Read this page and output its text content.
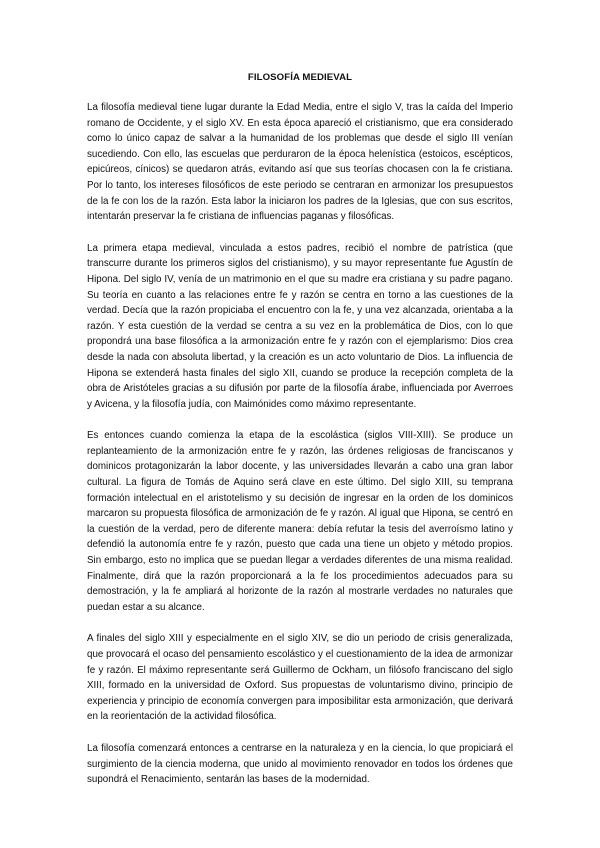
FILOSOFÍA MEDIEVAL

La filosofía medieval tiene lugar durante la Edad Media, entre el siglo V, tras la caída del Imperio romano de Occidente, y el siglo XV. En esta época apareció el cristianismo, que era considerado como lo único capaz de salvar a la humanidad de los problemas que desde el siglo III venían sucediendo. Con ello, las escuelas que perduraron de la época helenística (estoicos, escépticos, epicúreos, cínicos) se quedaron atrás, evitando así que sus teorías chocasen con la fe cristiana. Por lo tanto, los intereses filosóficos de este periodo se centraran en armonizar los presupuestos de la fe con los de la razón. Esta labor la iniciaron los padres de la Iglesias, que con sus escritos, intentarán preservar la fe cristiana de influencias paganas y filosóficas.

La primera etapa medieval, vinculada a estos padres, recibió el nombre de patrística (que transcurre durante los primeros siglos del cristianismo), y su mayor representante fue Agustín de Hipona. Del siglo IV, venía de un matrimonio en el que su madre era cristiana y su padre pagano. Su teoría en cuanto a las relaciones entre fe y razón se centra en torno a las cuestiones de la verdad. Decía que la razón propiciaba el encuentro con la fe, y una vez alcanzada, orientaba a la razón. Y esta cuestión de la verdad se centra a su vez en la problemática de Dios, con lo que propondrá una base filosófica a la armonización entre fe y razón con el ejemplarismo: Dios crea desde la nada con absoluta libertad, y la creación es un acto voluntario de Dios. La influencia de Hipona se extenderá hasta finales del siglo XII, cuando se produce la recepción completa de la obra de Aristóteles gracias a su difusión por parte de la filosofía árabe, influenciada por Averroes y Avicena, y la filosofía judía, con Maimónides como máximo representante.

Es entonces cuando comienza la etapa de la escolástica (siglos VIII-XIII). Se produce un replanteamiento de la armonización entre fe y razón, las órdenes religiosas de franciscanos y dominicos protagonizarán la labor docente, y las universidades llevarán a cabo una gran labor cultural. La figura de Tomás de Aquino será clave en este último. Del siglo XIII, su temprana formación intelectual en el aristotelismo y su decisión de ingresar en la orden de los dominicos marcaron su propuesta filosófica de armonización de fe y razón. Al igual que Hipona, se centró en la cuestión de la verdad, pero de diferente manera: debía refutar la tesis del averroísmo latino y defendió la autonomía entre fe y razón, puesto que cada una tiene un objeto y método propios. Sin embargo, esto no implica que se puedan llegar a verdades diferentes de una misma realidad. Finalmente, dirá que la razón proporcionará a la fe los procedimientos adecuados para su demostración, y la fe ampliará al horizonte de la razón al mostrarle verdades no naturales que puedan estar a su alcance.

A finales del siglo XIII y especialmente en el siglo XIV, se dio un periodo de crisis generalizada, que provocará el ocaso del pensamiento escolástico y el cuestionamiento de la idea de armonizar fe y razón. El máximo representante será Guillermo de Ockham, un filósofo franciscano del siglo XIII, formado en la universidad de Oxford. Sus propuestas de voluntarismo divino, principio de experiencia y principio de economía convergen para imposibilitar esta armonización, que derivará en la reorientación de la actividad filosófica.

La filosofía comenzará entonces a centrarse en la naturaleza y en la ciencia, lo que propiciará el surgimiento de la ciencia moderna, que unido al movimiento renovador en todos los órdenes que supondrá el Renacimiento, sentarán las bases de la modernidad.
